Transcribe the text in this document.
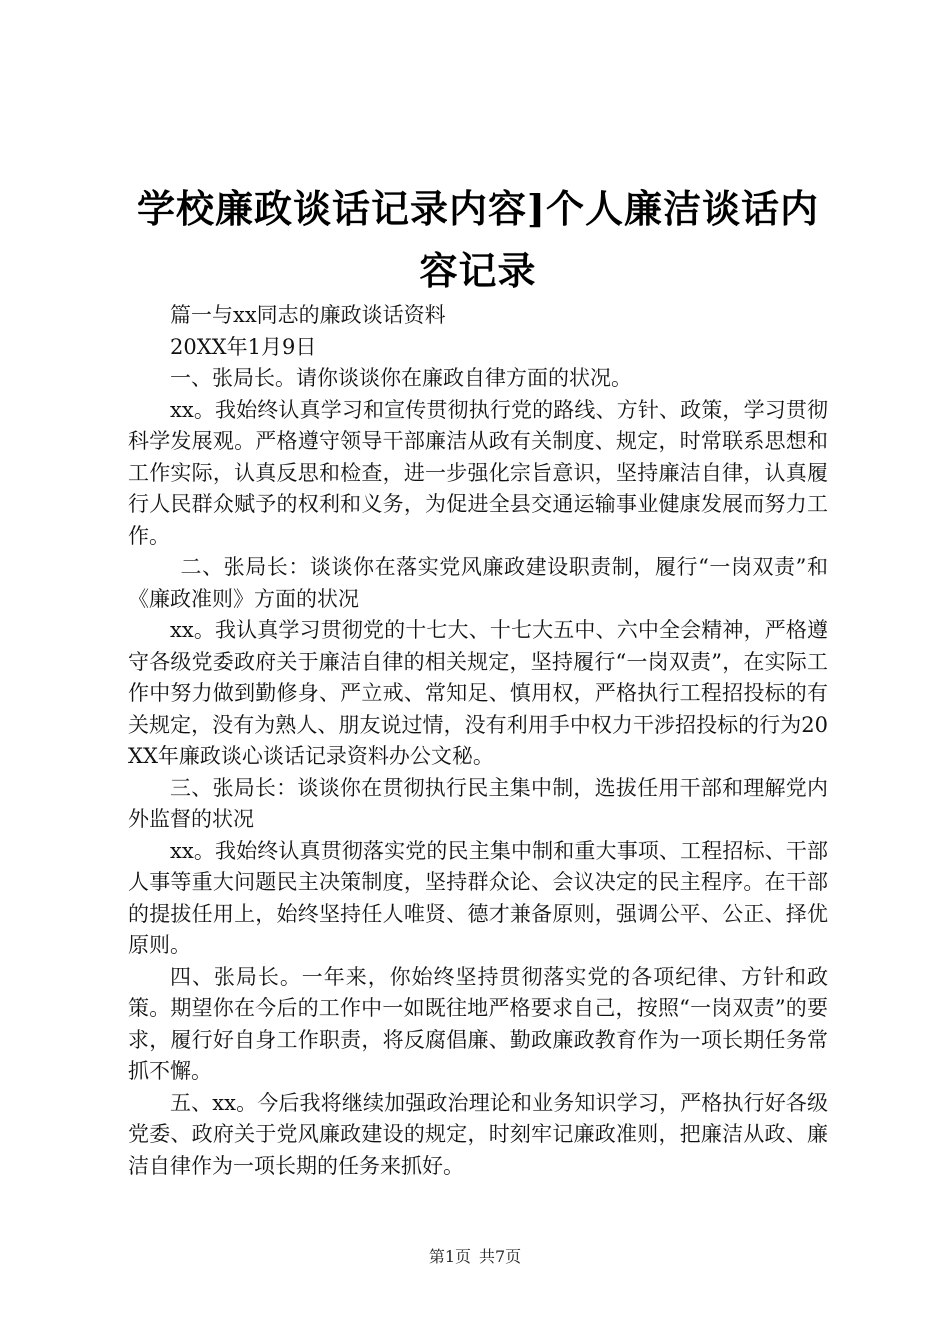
学校廉政谈话记录内容]个人廉洁谈话内容记录

篇一与xx同志的廉政谈话资料

20XX年1月9日

一、张局长。请你谈谈你在廉政自律方面的状况。

xx。我始终认真学习和宣传贯彻执行党的路线、方针、政策，学习贯彻科学发展观。严格遵守领导干部廉洁从政有关制度、规定，时常联系思想和工作实际，认真反思和检查，进一步强化宗旨意识，坚持廉洁自律，认真履行人民群众赋予的权利和义务，为促进全县交通运输事业健康发展而努力工作。

二、张局长：谈谈你在落实党风廉政建设职责制，履行“一岗双责”和《廉政准则》方面的状况

xx。我认真学习贯彻党的十七大、十七大五中、六中全会精神，严格遵守各级党委政府关于廉洁自律的相关规定，坚持履行“一岗双责”，在实际工作中努力做到勤修身、严立戒、常知足、慎用权，严格执行工程招投标的有关规定，没有为熟人、朋友说过情，没有利用手中权力干涉招投标的行为20XX年廉政谈心谈话记录资料办公文秘。

三、张局长：谈谈你在贯彻执行民主集中制，选拔任用干部和理解党内外监督的状况

xx。我始终认真贯彻落实党的民主集中制和重大事项、工程招标、干部人事等重大问题民主决策制度，坚持群众论、会议决定的民主程序。在干部的提拔任用上，始终坚持任人唯贤、德才兼备原则，强调公平、公正、择优原则。

四、张局长。一年来，你始终坚持贯彻落实党的各项纪律、方针和政策。期望你在今后的工作中一如既往地严格要求自己，按照“一岗双责”的要求，履行好自身工作职责，将反腐倡廉、勤政廉政教育作为一项长期任务常抓不懈。

五、xx。今后我将继续加强政治理论和业务知识学习，严格执行好各级党委、政府关于党风廉政建设的规定，时刻牢记廉政准则，把廉洁从政、廉洁自律作为一项长期的任务来抓好。

第1页 共7页
